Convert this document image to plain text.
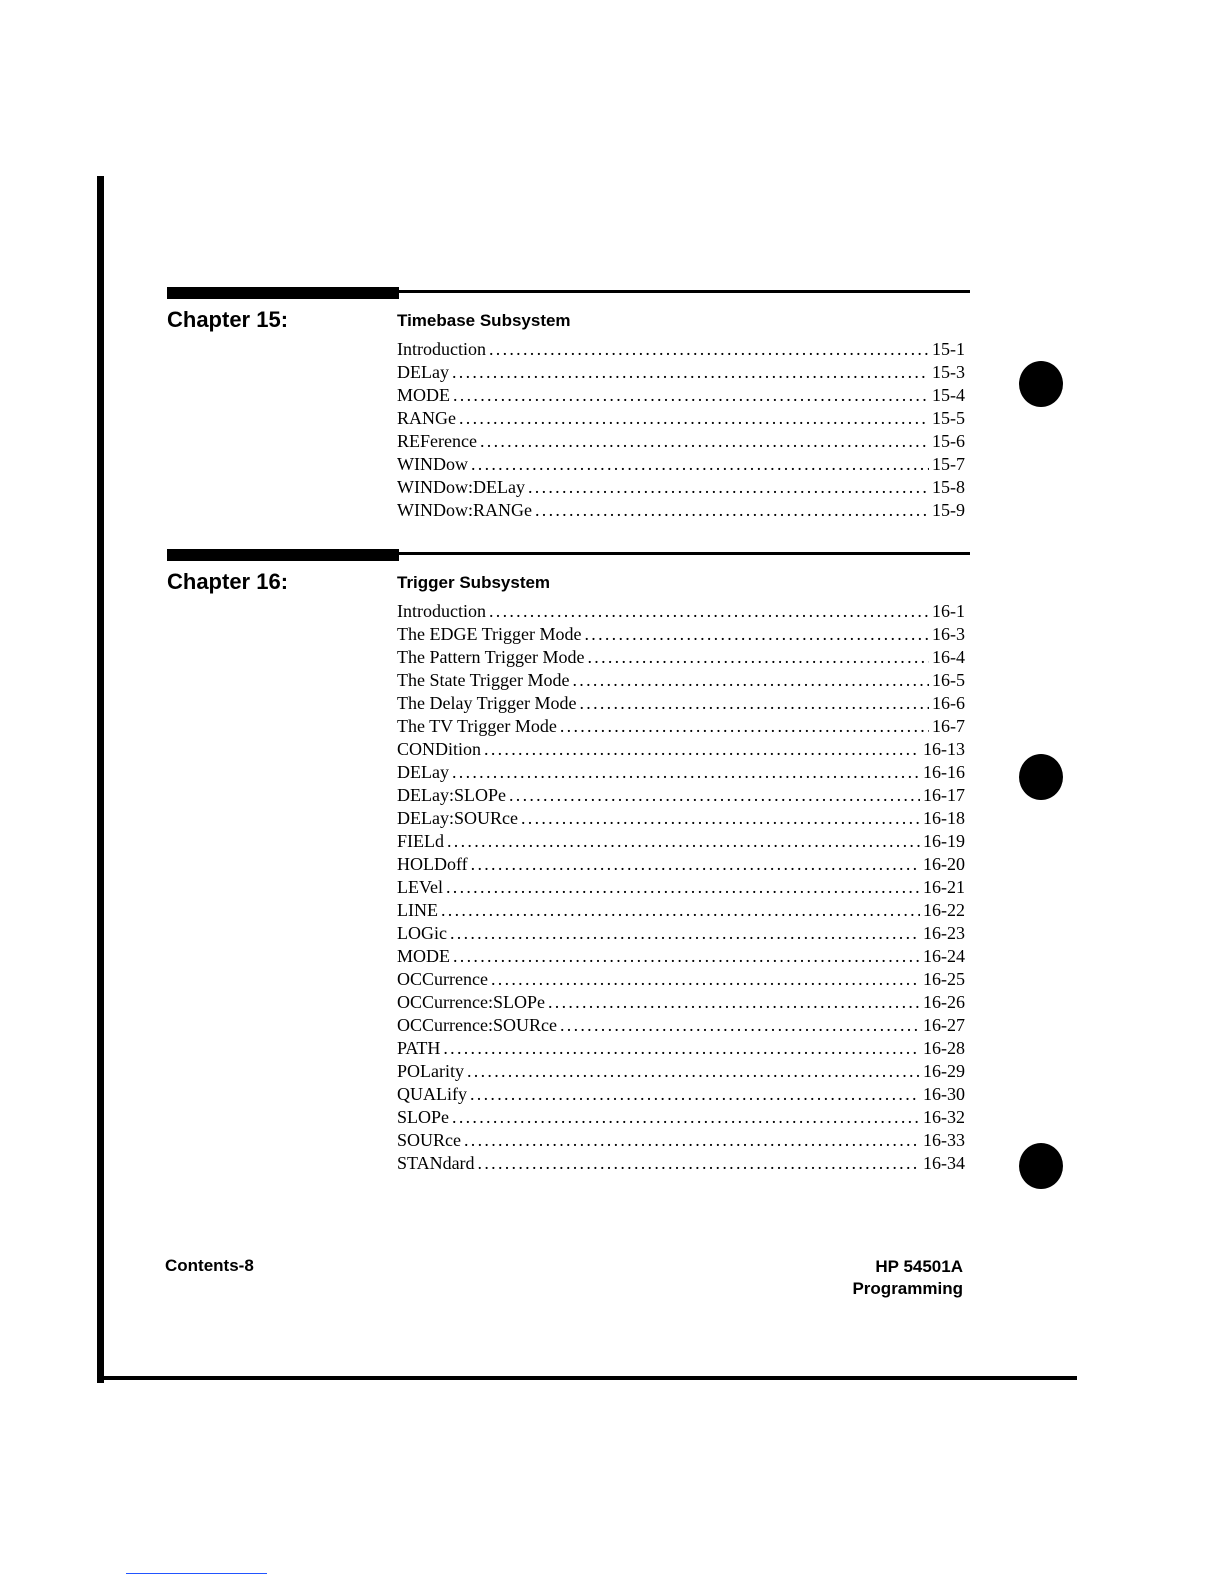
Chapter 15:	Timebase Subsystem
Introduction .....	15-1
DELay .....	15-3
MODE .....	15-4
RANGe .....	15-5
REFerence .....	15-6
WINDow .....	15-7
WINDow:DELay .....	15-8
WINDow:RANGe .....	15-9
Chapter 16:	Trigger Subsystem
Introduction .....	16-1
The EDGE Trigger Mode .....	16-3
The Pattern Trigger Mode .....	16-4
The State Trigger Mode .....	16-5
The Delay Trigger Mode .....	16-6
The TV Trigger Mode .....	16-7
CONDition .....	16-13
DELay .....	16-16
DELay:SLOPe .....	16-17
DELay:SOURce .....	16-18
FIELd .....	16-19
HOLDoff .....	16-20
LEVel .....	16-21
LINE .....	16-22
LOGic .....	16-23
MODE .....	16-24
OCCurrence .....	16-25
OCCurrence:SLOPe .....	16-26
OCCurrence:SOURce .....	16-27
PATH .....	16-28
POLarity .....	16-29
QUALify .....	16-30
SLOPe .....	16-32
SOURce .....	16-33
STANdard .....	16-34
Contents-8	HP 54501A
Programming
